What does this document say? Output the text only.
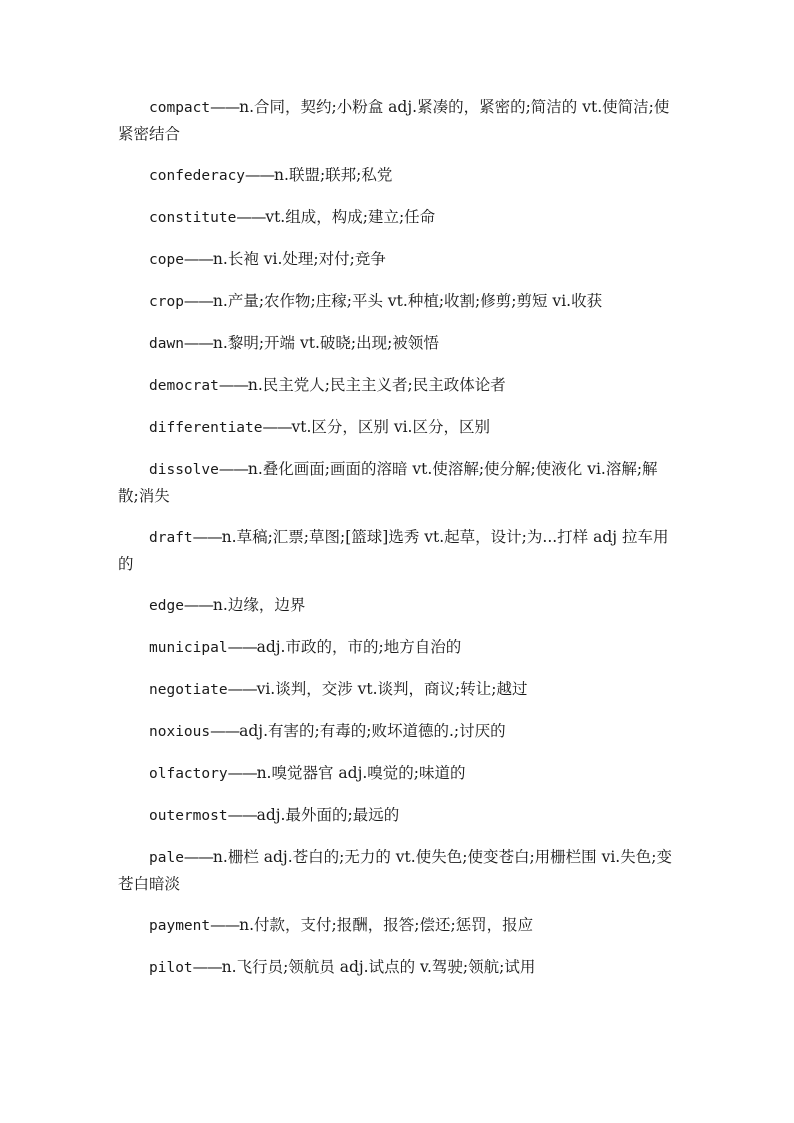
compact——n.合同，契约;小粉盒 adj.紧凑的，紧密的;简洁的 vt.使简洁;使紧密结合

confederacy——n.联盟;联邦;私党

constitute——vt.组成，构成;建立;任命

cope——n.长袍 vi.处理;对付;竞争

crop——n.产量;农作物;庄稼;平头 vt.种植;收割;修剪;剪短 vi.收获

dawn——n.黎明;开端 vt.破晓;出现;被领悟

democrat——n.民主党人;民主主义者;民主政体论者

differentiate——vt.区分，区别 vi.区分，区别

dissolve——n.叠化画面;画面的溶暗 vt.使溶解;使分解;使液化 vi.溶解;解散;消失

draft——n.草稿;汇票;草图;[篮球]选秀 vt.起草，设计;为...打样 adj 拉车用的

edge——n.边缘，边界

municipal——adj.市政的，市的;地方自治的

negotiate——vi.谈判，交涉 vt.谈判，商议;转让;越过

noxious——adj.有害的;有毒的;败坏道德的.;讨厌的

olfactory——n.嗅觉器官 adj.嗅觉的;味道的

outermost——adj.最外面的;最远的

pale——n.栅栏 adj.苍白的;无力的 vt.使失色;使变苍白;用栅栏围 vi.失色;变苍白暗淡

payment——n.付款，支付;报酬，报答;偿还;惩罚，报应

pilot——n.飞行员;领航员 adj.试点的 v.驾驶;领航;试用
